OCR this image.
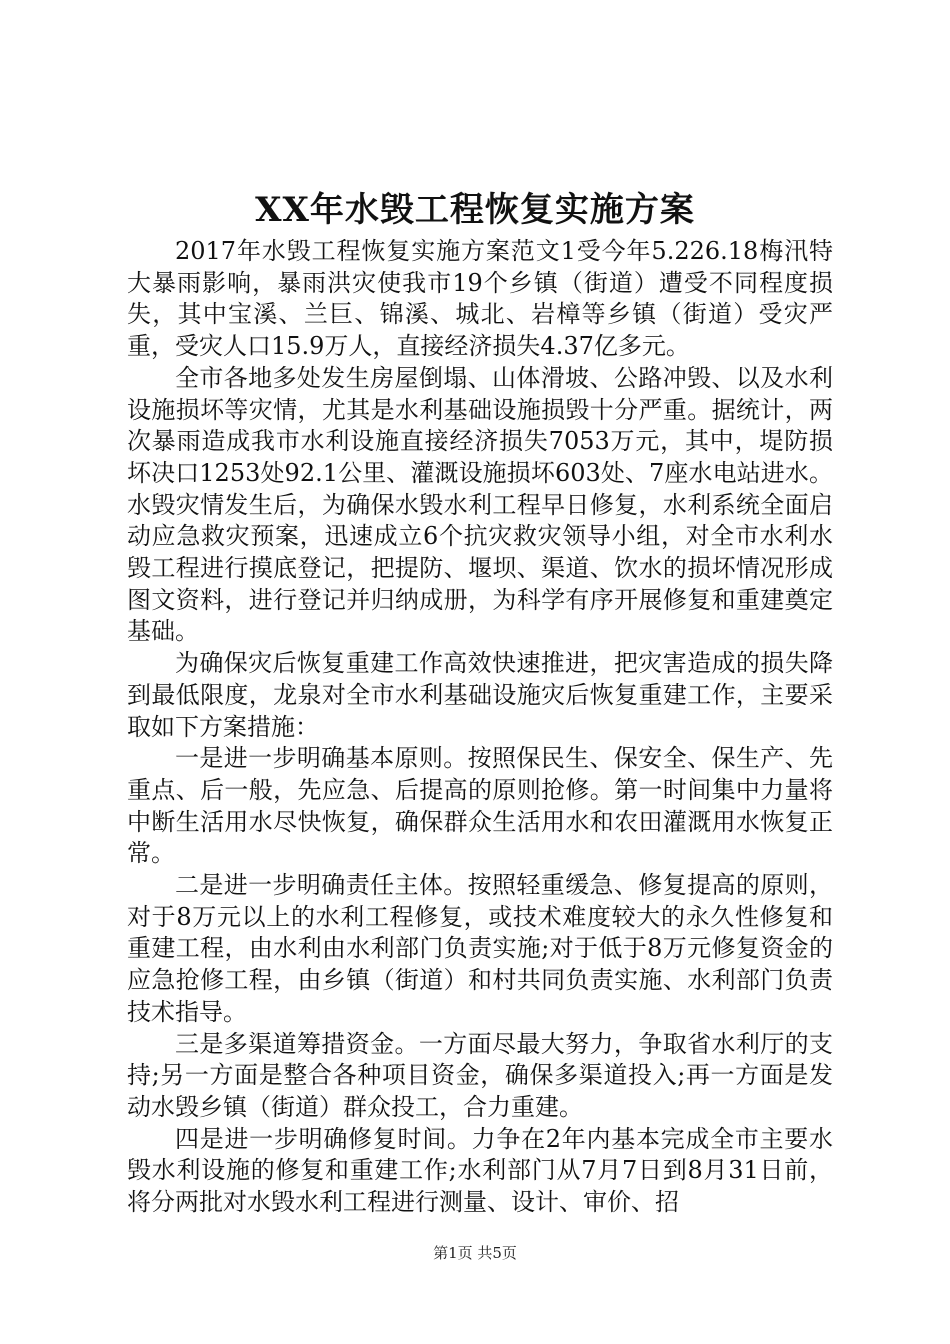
XX年水毁工程恢复实施方案

2017年水毁工程恢复实施方案范文1受今年5.226.18梅汛特大暴雨影响，暴雨洪灾使我市19个乡镇（街道）遭受不同程度损失，其中宝溪、兰巨、锦溪、城北、岩樟等乡镇（街道）受灾严重，受灾人口15.9万人，直接经济损失4.37亿多元。

全市各地多处发生房屋倒塌、山体滑坡、公路冲毁、以及水利设施损坏等灾情，尤其是水利基础设施损毁十分严重。据统计，两次暴雨造成我市水利设施直接经济损失7053万元，其中，堤防损坏决口1253处92.1公里、灌溉设施损坏603处、7座水电站进水。水毁灾情发生后，为确保水毁水利工程早日修复，水利系统全面启动应急救灾预案，迅速成立6个抗灾救灾领导小组，对全市水利水毁工程进行摸底登记，把提防、堰坝、渠道、饮水的损坏情况形成图文资料，进行登记并归纳成册，为科学有序开展修复和重建奠定基础。

为确保灾后恢复重建工作高效快速推进，把灾害造成的损失降到最低限度，龙泉对全市水利基础设施灾后恢复重建工作，主要采取如下方案措施：

一是进一步明确基本原则。按照保民生、保安全、保生产、先重点、后一般，先应急、后提高的原则抢修。第一时间集中力量将中断生活用水尽快恢复，确保群众生活用水和农田灌溉用水恢复正常。

二是进一步明确责任主体。按照轻重缓急、修复提高的原则，对于8万元以上的水利工程修复，或技术难度较大的永久性修复和重建工程，由水利由水利部门负责实施;对于低于8万元修复资金的应急抢修工程，由乡镇（街道）和村共同负责实施、水利部门负责技术指导。

三是多渠道筹措资金。一方面尽最大努力，争取省水利厅的支持;另一方面是整合各种项目资金，确保多渠道投入;再一方面是发动水毁乡镇（街道）群众投工，合力重建。

四是进一步明确修复时间。力争在2年内基本完成全市主要水毁水利设施的修复和重建工作;水利部门从7月7日到8月31日前，将分两批对水毁水利工程进行测量、设计、审价、招

第1页 共5页
